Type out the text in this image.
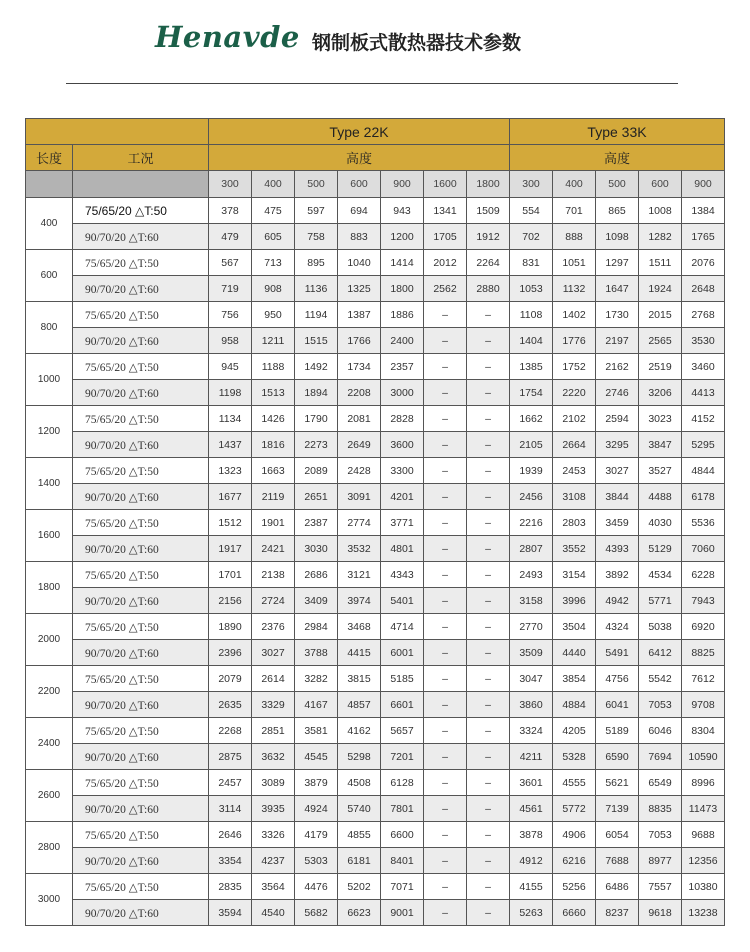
Henavde 钢制板式散热器技术参数
		Type 22K							Type 33K				
长度	工况	高度							高度				
		300	400	500	600	900	1600	1800	300	400	500	600	900
400	75/65/20 △T:50	378	475	597	694	943	1341	1509	554	701	865	1008	1384
	90/70/20 △T:60	479	605	758	883	1200	1705	1912	702	888	1098	1282	1765
600	75/65/20 △T:50	567	713	895	1040	1414	2012	2264	831	1051	1297	1511	2076
	90/70/20 △T:60	719	908	1136	1325	1800	2562	2880	1053	1132	1647	1924	2648
800	75/65/20 △T:50	756	950	1194	1387	1886	–	–	1108	1402	1730	2015	2768
	90/70/20 △T:60	958	1211	1515	1766	2400	–	–	1404	1776	2197	2565	3530
1000	75/65/20 △T:50	945	1188	1492	1734	2357	–	–	1385	1752	2162	2519	3460
	90/70/20 △T:60	1198	1513	1894	2208	3000	–	–	1754	2220	2746	3206	4413
1200	75/65/20 △T:50	1134	1426	1790	2081	2828	–	–	1662	2102	2594	3023	4152
	90/70/20 △T:60	1437	1816	2273	2649	3600	–	–	2105	2664	3295	3847	5295
1400	75/65/20 △T:50	1323	1663	2089	2428	3300	–	–	1939	2453	3027	3527	4844
	90/70/20 △T:60	1677	2119	2651	3091	4201	–	–	2456	3108	3844	4488	6178
1600	75/65/20 △T:50	1512	1901	2387	2774	3771	–	–	2216	2803	3459	4030	5536
	90/70/20 △T:60	1917	2421	3030	3532	4801	–	–	2807	3552	4393	5129	7060
1800	75/65/20 △T:50	1701	2138	2686	3121	4343	–	–	2493	3154	3892	4534	6228
	90/70/20 △T:60	2156	2724	3409	3974	5401	–	–	3158	3996	4942	5771	7943
2000	75/65/20 △T:50	1890	2376	2984	3468	4714	–	–	2770	3504	4324	5038	6920
	90/70/20 △T:60	2396	3027	3788	4415	6001	–	–	3509	4440	5491	6412	8825
2200	75/65/20 △T:50	2079	2614	3282	3815	5185	–	–	3047	3854	4756	5542	7612
	90/70/20 △T:60	2635	3329	4167	4857	6601	–	–	3860	4884	6041	7053	9708
2400	75/65/20 △T:50	2268	2851	3581	4162	5657	–	–	3324	4205	5189	6046	8304
	90/70/20 △T:60	2875	3632	4545	5298	7201	–	–	4211	5328	6590	7694	10590
2600	75/65/20 △T:50	2457	3089	3879	4508	6128	–	–	3601	4555	5621	6549	8996
	90/70/20 △T:60	3114	3935	4924	5740	7801	–	–	4561	5772	7139	8835	11473
2800	75/65/20 △T:50	2646	3326	4179	4855	6600	–	–	3878	4906	6054	7053	9688
	90/70/20 △T:60	3354	4237	5303	6181	8401	–	–	4912	6216	7688	8977	12356
3000	75/65/20 △T:50	2835	3564	4476	5202	7071	–	–	4155	5256	6486	7557	10380
	90/70/20 △T:60	3594	4540	5682	6623	9001	–	–	5263	6660	8237	9618	13238
